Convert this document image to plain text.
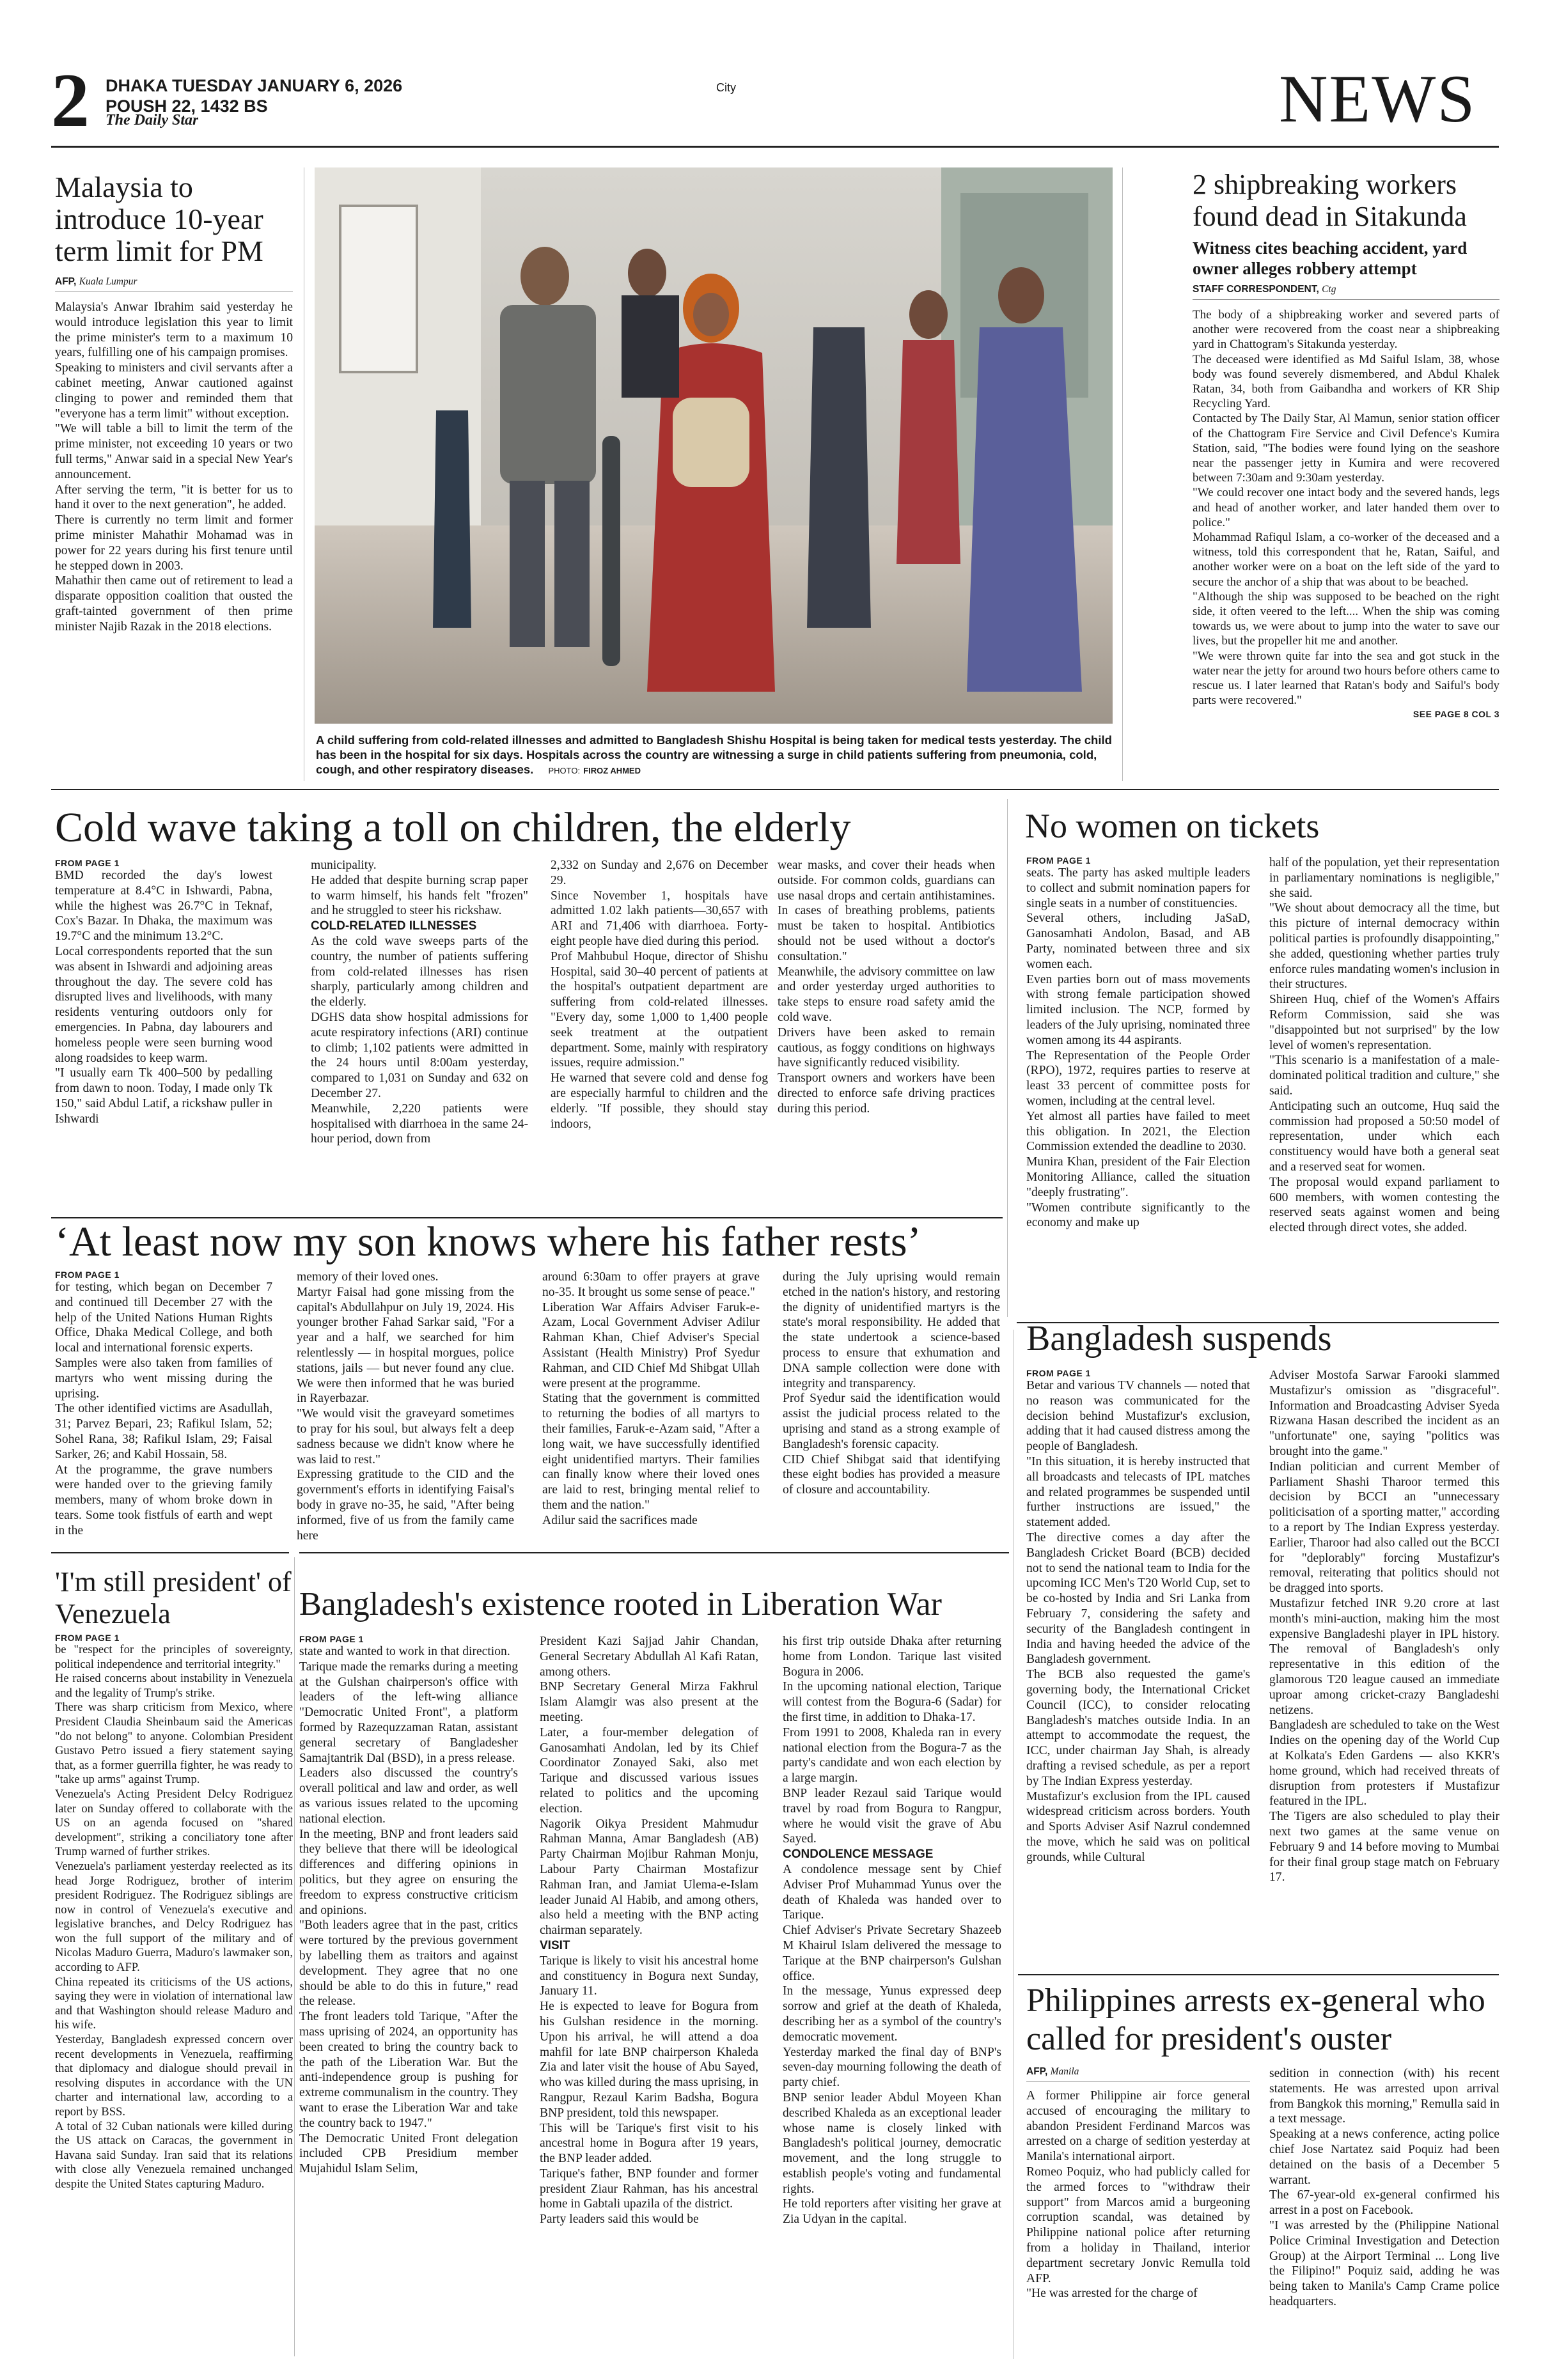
2 DHAKA TUESDAY JANUARY 6, 2026
POUSH 22, 1432 BS
The Daily Star
City	NEWS
Malaysia to introduce 10-year term limit for PM
AFP, Kuala Lumpur

Malaysia's Anwar Ibrahim said yesterday he would introduce legislation this year to limit the prime minister's term to a maximum 10 years, fulfilling one of his campaign promises.

Speaking to ministers and civil servants after a cabinet meeting, Anwar cautioned against clinging to power and reminded them that "everyone has a term limit" without exception.

"We will table a bill to limit the term of the prime minister, not exceeding 10 years or two full terms," Anwar said in a special New Year's announcement.

After serving the term, "it is better for us to hand it over to the next generation", he added.

There is currently no term limit and former prime minister Mahathir Mohamad was in power for 22 years during his first tenure until he stepped down in 2003.

Mahathir then came out of retirement to lead a disparate opposition coalition that ousted the graft-tainted government of then prime minister Najib Razak in the 2018 elections.

A child suffering from cold-related illnesses and admitted to Bangladesh Shishu Hospital is being taken for medical tests yesterday. The child has been in the hospital for six days. Hospitals across the country are witnessing a surge in child patients suffering from pneumonia, cold, cough, and other respiratory diseases. PHOTO: FIROZ AHMED
2 shipbreaking workers found dead in Sitakunda
Witness cites beaching accident, yard owner alleges robbery attempt
STAFF CORRESPONDENT, Ctg

The body of a shipbreaking worker and severed parts of another were recovered from the coast near a shipbreaking yard in Chattogram's Sitakunda yesterday.

The deceased were identified as Md Saiful Islam, 38, whose body was found severely dismembered, and Abdul Khalek Ratan, 34, both from Gaibandha and workers of KR Ship Recycling Yard.

Contacted by The Daily Star, Al Mamun, senior station officer of the Chattogram Fire Service and Civil Defence's Kumira Station, said, "The bodies were found lying on the seashore near the passenger jetty in Kumira and were recovered between 7:30am and 9:30am yesterday.

"We could recover one intact body and the severed hands, legs and head of another worker, and later handed them over to police."

Mohammad Rafiqul Islam, a co-worker of the deceased and a witness, told this correspondent that he, Ratan, Saiful, and another worker were on a boat on the left side of the yard to secure the anchor of a ship that was about to be beached.

"Although the ship was supposed to be beached on the right side, it often veered to the left.... When the ship was coming towards us, we were about to jump into the water to save our lives, but the propeller hit me and another.

"We were thrown quite far into the sea and got stuck in the water near the jetty for around two hours before others came to rescue us. I later learned that Ratan's body and Saiful's body parts were recovered."

SEE PAGE 8 COL 3
Cold wave taking a toll on children, the elderly
FROM PAGE 1

BMD recorded the day's lowest temperature at 8.4°C in Ishwardi, Pabna, while the highest was 26.7°C in Teknaf, Cox's Bazar. In Dhaka, the maximum was 19.7°C and the minimum 13.2°C.

Local correspondents reported that the sun was absent in Ishwardi and adjoining areas throughout the day. The severe cold has disrupted lives and livelihoods, with many residents venturing outdoors only for emergencies. In Pabna, day labourers and homeless people were seen burning wood along roadsides to keep warm.

"I usually earn Tk 400–500 by pedalling from dawn to noon. Today, I made only Tk 150," said Abdul Latif, a rickshaw puller in Ishwardi

municipality.

He added that despite burning scrap paper to warm himself, his hands felt "frozen" and he struggled to steer his rickshaw.

COLD-RELATED ILLNESSES

As the cold wave sweeps parts of the country, the number of patients suffering from cold-related illnesses has risen sharply, particularly among children and the elderly.

DGHS data show hospital admissions for acute respiratory infections (ARI) continue to climb; 1,102 patients were admitted in the 24 hours until 8:00am yesterday, compared to 1,031 on Sunday and 632 on December 27.

Meanwhile, 2,220 patients were hospitalised with diarrhoea in the same 24-hour period, down from

2,332 on Sunday and 2,676 on December 29.

Since November 1, hospitals have admitted 1.02 lakh patients—30,657 with ARI and 71,406 with diarrhoea. Forty-eight people have died during this period.

Prof Mahbubul Hoque, director of Shishu Hospital, said 30–40 percent of patients at the hospital's outpatient department are suffering from cold-related illnesses. "Every day, some 1,000 to 1,400 people seek treatment at the outpatient department. Some, mainly with respiratory issues, require admission."

He warned that severe cold and dense fog are especially harmful to children and the elderly. "If possible, they should stay indoors,

wear masks, and cover their heads when outside. For common colds, guardians can use nasal drops and certain antihistamines. In cases of breathing problems, patients must be taken to hospital. Antibiotics should not be used without a doctor's consultation."

Meanwhile, the advisory committee on law and order yesterday urged authorities to take steps to ensure road safety amid the cold wave.

Drivers have been asked to remain cautious, as foggy conditions on highways have significantly reduced visibility.

Transport owners and workers have been directed to enforce safe driving practices during this period.

No women on tickets
FROM PAGE 1

seats. The party has asked multiple leaders to collect and submit nomination papers for single seats in a number of constituencies.

Several others, including JaSaD, Ganosamhati Andolon, Basad, and AB Party, nominated between three and six women each.

Even parties born out of mass movements with strong female participation showed limited inclusion. The NCP, formed by leaders of the July uprising, nominated three women among its 44 aspirants.

The Representation of the People Order (RPO), 1972, requires parties to reserve at least 33 percent of committee posts for women, including at the central level.

Yet almost all parties have failed to meet this obligation. In 2021, the Election Commission extended the deadline to 2030.

Munira Khan, president of the Fair Election Monitoring Alliance, called the situation "deeply frustrating".

"Women contribute significantly to the economy and make up

half of the population, yet their representation in parliamentary nominations is negligible," she said.

"We shout about democracy all the time, but this picture of internal democracy within political parties is profoundly disappointing," she added, questioning whether parties truly enforce rules mandating women's inclusion in their structures.

Shireen Huq, chief of the Women's Affairs Reform Commission, said she was "disappointed but not surprised" by the low level of women's representation.

"This scenario is a manifestation of a male-dominated political tradition and culture," she said.

Anticipating such an outcome, Huq said the commission had proposed a 50:50 model of representation, under which each constituency would have both a general seat and a reserved seat for women.

The proposal would expand parliament to 600 members, with women contesting the reserved seats against women and being elected through direct votes, she added.

‘At least now my son knows where his father rests’
FROM PAGE 1

for testing, which began on December 7 and continued till December 27 with the help of the United Nations Human Rights Office, Dhaka Medical College, and both local and international forensic experts.

Samples were also taken from families of martyrs who went missing during the uprising.

The other identified victims are Asadullah, 31; Parvez Bepari, 23; Rafikul Islam, 52; Sohel Rana, 38; Rafikul Islam, 29; Faisal Sarker, 26; and Kabil Hossain, 58.

At the programme, the grave numbers were handed over to the grieving family members, many of whom broke down in tears. Some took fistfuls of earth and wept in the

memory of their loved ones.

Martyr Faisal had gone missing from the capital's Abdullahpur on July 19, 2024. His younger brother Fahad Sarkar said, "For a year and a half, we searched for him relentlessly — in hospital morgues, police stations, jails — but never found any clue. We were then informed that he was buried in Rayerbazar.

"We would visit the graveyard sometimes to pray for his soul, but always felt a deep sadness because we didn't know where he was laid to rest."

Expressing gratitude to the CID and the government's efforts in identifying Faisal's body in grave no-35, he said, "After being informed, five of us from the family came here

around 6:30am to offer prayers at grave no-35. It brought us some sense of peace."

Liberation War Affairs Adviser Faruk-e-Azam, Local Government Adviser Adilur Rahman Khan, Chief Adviser's Special Assistant (Health Ministry) Prof Syedur Rahman, and CID Chief Md Shibgat Ullah were present at the programme.

Stating that the government is committed to returning the bodies of all martyrs to their families, Faruk-e-Azam said, "After a long wait, we have successfully identified eight unidentified martyrs. Their families can finally know where their loved ones are laid to rest, bringing mental relief to them and the nation."

Adilur said the sacrifices made

during the July uprising would remain etched in the nation's history, and restoring the dignity of unidentified martyrs is the state's moral responsibility. He added that the state undertook a science-based process to ensure that exhumation and DNA sample collection were done with integrity and transparency.

Prof Syedur said the identification would assist the judicial process related to the uprising and stand as a strong example of Bangladesh's forensic capacity.

CID Chief Shibgat said that identifying these eight bodies has provided a measure of closure and accountability.

Bangladesh suspends
FROM PAGE 1

Betar and various TV channels — noted that no reason was communicated for the decision behind Mustafizur's exclusion, adding that it had caused distress among the people of Bangladesh.

"In this situation, it is hereby instructed that all broadcasts and telecasts of IPL matches and related programmes be suspended until further instructions are issued," the statement added.

The directive comes a day after the Bangladesh Cricket Board (BCB) decided not to send the national team to India for the upcoming ICC Men's T20 World Cup, set to be co-hosted by India and Sri Lanka from February 7, considering the safety and security of the Bangladesh contingent in India and having heeded the advice of the Bangladesh government.

The BCB also requested the game's governing body, the International Cricket Council (ICC), to consider relocating Bangladesh's matches outside India. In an attempt to accommodate the request, the ICC, under chairman Jay Shah, is already drafting a revised schedule, as per a report by The Indian Express yesterday.

Mustafizur's exclusion from the IPL caused widespread criticism across borders. Youth and Sports Adviser Asif Nazrul condemned the move, which he said was on political grounds, while Cultural

Adviser Mostofa Sarwar Farooki slammed Mustafizur's omission as "disgraceful". Information and Broadcasting Adviser Syeda Rizwana Hasan described the incident as an "unfortunate" one, saying "politics was brought into the game."

Indian politician and current Member of Parliament Shashi Tharoor termed this decision by BCCI an "unnecessary politicisation of a sporting matter," according to a report by The Indian Express yesterday. Earlier, Tharoor had also called out the BCCI for "deplorably" forcing Mustafizur's removal, reiterating that politics should not be dragged into sports.

Mustafizur fetched INR 9.20 crore at last month's mini-auction, making him the most expensive Bangladeshi player in IPL history. The removal of Bangladesh's only representative in this edition of the glamorous T20 league caused an immediate uproar among cricket-crazy Bangladeshi netizens.

Bangladesh are scheduled to take on the West Indies on the opening day of the World Cup at Kolkata's Eden Gardens — also KKR's home ground, which had received threats of disruption from protesters if Mustafizur featured in the IPL.

The Tigers are also scheduled to play their next two games at the same venue on February 9 and 14 before moving to Mumbai for their final group stage match on February 17.

'I'm still president' of Venezuela
FROM PAGE 1

be "respect for the principles of sovereignty, political independence and territorial integrity."

He raised concerns about instability in Venezuela and the legality of Trump's strike.

There was sharp criticism from Mexico, where President Claudia Sheinbaum said the Americas "do not belong" to anyone. Colombian President Gustavo Petro issued a fiery statement saying that, as a former guerrilla fighter, he was ready to "take up arms" against Trump.

Venezuela's Acting President Delcy Rodriguez later on Sunday offered to collaborate with the US on an agenda focused on "shared development", striking a conciliatory tone after Trump warned of further strikes.

Venezuela's parliament yesterday reelected as its head Jorge Rodriguez, brother of interim president Rodriguez. The Rodriguez siblings are now in control of Venezuela's executive and legislative branches, and Delcy Rodriguez has won the full support of the military and of Nicolas Maduro Guerra, Maduro's lawmaker son, according to AFP.

China repeated its criticisms of the US actions, saying they were in violation of international law and that Washington should release Maduro and his wife.

Yesterday, Bangladesh expressed concern over recent developments in Venezuela, reaffirming that diplomacy and dialogue should prevail in resolving disputes in accordance with the UN charter and international law, according to a report by BSS.

A total of 32 Cuban nationals were killed during the US attack on Caracas, the government in Havana said Sunday. Iran said that its relations with close ally Venezuela remained unchanged despite the United States capturing Maduro.

Bangladesh's existence rooted in Liberation War
FROM PAGE 1

state and wanted to work in that direction.

Tarique made the remarks during a meeting at the Gulshan chairperson's office with leaders of the left-wing alliance "Democratic United Front", a platform formed by Razequzzaman Ratan, assistant general secretary of Bangladesher Samajtantrik Dal (BSD), in a press release.

Leaders also discussed the country's overall political and law and order, as well as various issues related to the upcoming national election.

In the meeting, BNP and front leaders said they believe that there will be ideological differences and differing opinions in politics, but they agree on ensuring the freedom to express constructive criticism and opinions.

"Both leaders agree that in the past, critics were tortured by the previous government by labelling them as traitors and against development. They agree that no one should be able to do this in future," read the release.

The front leaders told Tarique, "After the mass uprising of 2024, an opportunity has been created to bring the country back to the path of the Liberation War. But the anti-independence group is pushing for extreme communalism in the country. They want to erase the Liberation War and take the country back to 1947."

The Democratic United Front delegation included CPB Presidium member Mujahidul Islam Selim,

President Kazi Sajjad Jahir Chandan, General Secretary Abdullah Al Kafi Ratan, among others.

BNP Secretary General Mirza Fakhrul Islam Alamgir was also present at the meeting.

Later, a four-member delegation of Ganosamhati Andolan, led by its Chief Coordinator Zonayed Saki, also met Tarique and discussed various issues related to politics and the upcoming election.

Nagorik Oikya President Mahmudur Rahman Manna, Amar Bangladesh (AB) Party Chairman Mojibur Rahman Monju, Labour Party Chairman Mostafizur Rahman Iran, and Jamiat Ulema-e-Islam leader Junaid Al Habib, and among others, also held a meeting with the BNP acting chairman separately.

VISIT

Tarique is likely to visit his ancestral home and constituency in Bogura next Sunday, January 11.

He is expected to leave for Bogura from his Gulshan residence in the morning. Upon his arrival, he will attend a doa mahfil for late BNP chairperson Khaleda Zia and later visit the house of Abu Sayed, who was killed during the mass uprising, in Rangpur, Rezaul Karim Badsha, Bogura BNP president, told this newspaper.

This will be Tarique's first visit to his ancestral home in Bogura after 19 years, the BNP leader added.

Tarique's father, BNP founder and former president Ziaur Rahman, has his ancestral home in Gabtali upazila of the district.

Party leaders said this would be

his first trip outside Dhaka after returning home from London. Tarique last visited Bogura in 2006.

In the upcoming national election, Tarique will contest from the Bogura-6 (Sadar) for the first time, in addition to Dhaka-17.

From 1991 to 2008, Khaleda ran in every national election from the Bogura-7 as the party's candidate and won each election by a large margin.

BNP leader Rezaul said Tarique would travel by road from Bogura to Rangpur, where he would visit the grave of Abu Sayed.

CONDOLENCE MESSAGE

A condolence message sent by Chief Adviser Prof Muhammad Yunus over the death of Khaleda was handed over to Tarique.

Chief Adviser's Private Secretary Shazeeb M Khairul Islam delivered the message to Tarique at the BNP chairperson's Gulshan office.

In the message, Yunus expressed deep sorrow and grief at the death of Khaleda, describing her as a symbol of the country's democratic movement.

Yesterday marked the final day of BNP's seven-day mourning following the death of party chief.

BNP senior leader Abdul Moyeen Khan described Khaleda as an exceptional leader whose name is closely linked with Bangladesh's political journey, democratic movement, and the long struggle to establish people's voting and fundamental rights.

He told reporters after visiting her grave at Zia Udyan in the capital.

Philippines arrests ex-general who called for president's ouster
AFP, Manila

A former Philippine air force general accused of encouraging the military to abandon President Ferdinand Marcos was arrested on a charge of sedition yesterday at Manila's international airport.

Romeo Poquiz, who had publicly called for the armed forces to "withdraw their support" from Marcos amid a burgeoning corruption scandal, was detained by Philippine national police after returning from a holiday in Thailand, interior department secretary Jonvic Remulla told AFP.

"He was arrested for the charge of

sedition in connection (with) his recent statements. He was arrested upon arrival from Bangkok this morning," Remulla said in a text message.

Speaking at a news conference, acting police chief Jose Nartatez said Poquiz had been detained on the basis of a December 5 warrant.

The 67-year-old ex-general confirmed his arrest in a post on Facebook.

"I was arrested by the (Philippine National Police Criminal Investigation and Detection Group) at the Airport Terminal ... Long live the Filipino!" Poquiz said, adding he was being taken to Manila's Camp Crame police headquarters.
